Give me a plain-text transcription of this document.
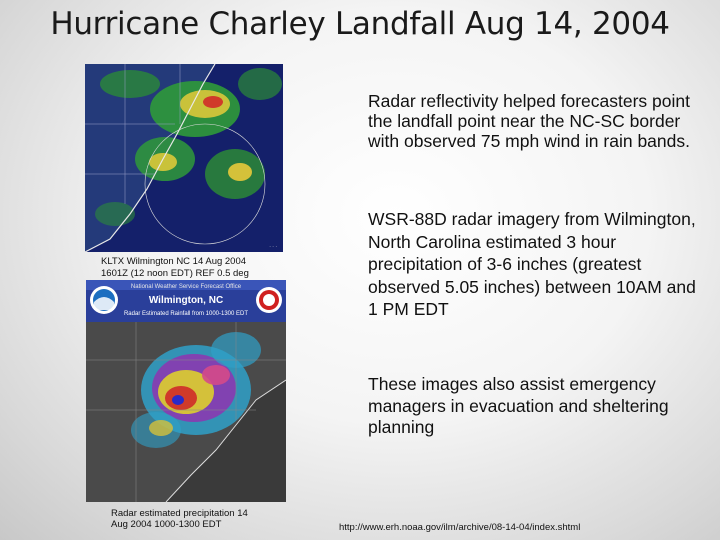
Hurricane Charley Landfall Aug 14, 2004
· · ·
KLTX Wilmington NC 14 Aug 2004
1601Z (12 noon EDT) REF 0.5 deg
National Weather Service Forecast Office
Wilmington, NC
Radar Estimated Rainfall from 1000-1300 EDT
Radar estimated precipitation 14
Aug 2004 1000-1300 EDT
Radar reflectivity helped forecasters point the landfall point near the NC-SC border with observed 75 mph wind in rain bands.
WSR-88D radar imagery from Wilmington, North Carolina estimated 3 hour precipitation of 3-6 inches (greatest observed 5.05 inches) between 10AM and 1 PM EDT
These images also assist emergency managers in evacuation and sheltering planning
http://www.erh.noaa.gov/ilm/archive/08-14-04/index.shtml
